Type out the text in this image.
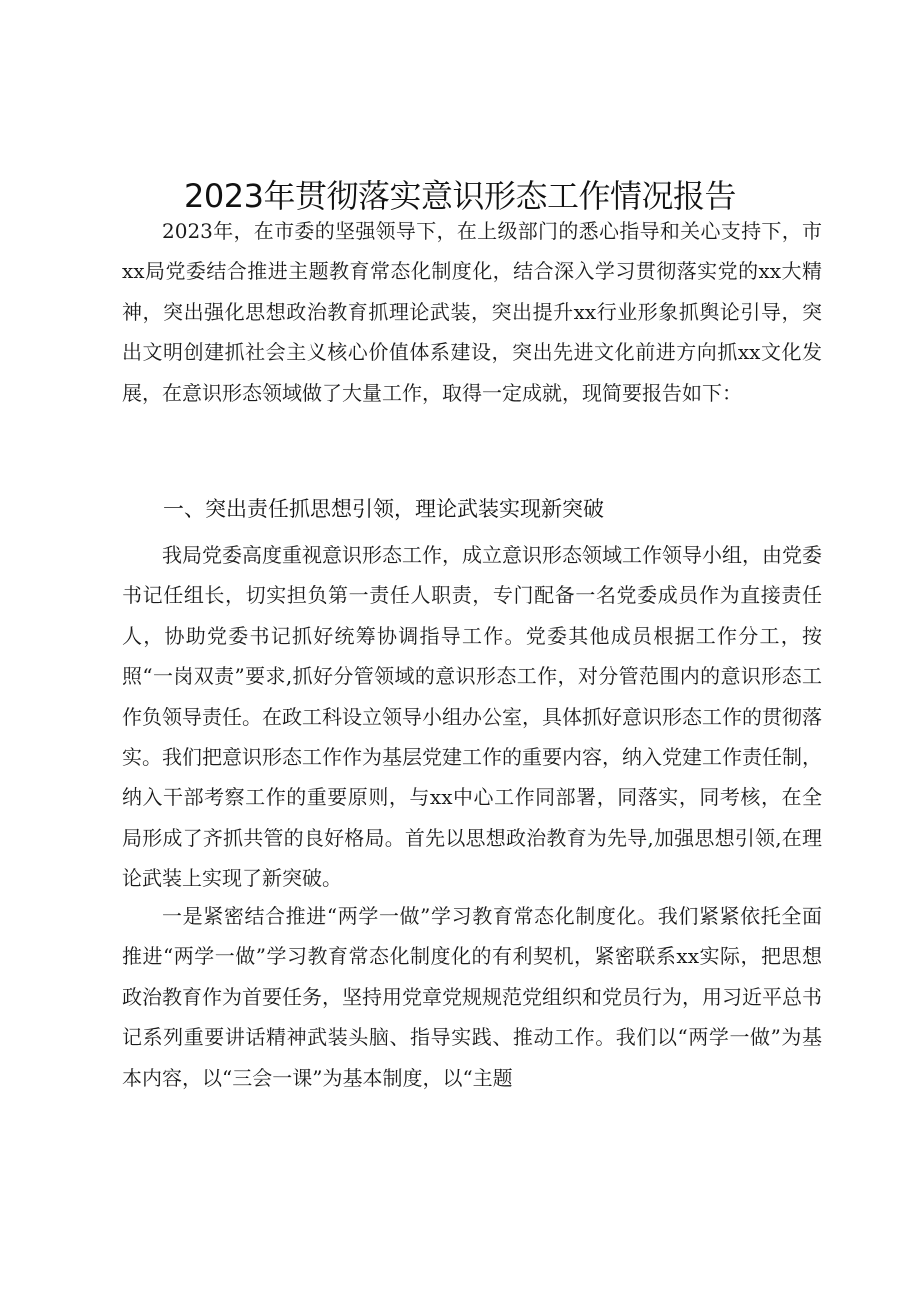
2023年贯彻落实意识形态工作情况报告

2023年，在市委的坚强领导下，在上级部门的悉心指导和关心支持下，市xx局党委结合推进主题教育常态化制度化，结合深入学习贯彻落实党的xx大精神，突出强化思想政治教育抓理论武装，突出提升xx行业形象抓舆论引导，突出文明创建抓社会主义核心价值体系建设，突出先进文化前进方向抓xx文化发展，在意识形态领域做了大量工作，取得一定成就，现简要报告如下：

一、突出责任抓思想引领，理论武装实现新突破

我局党委高度重视意识形态工作，成立意识形态领域工作领导小组，由党委书记任组长，切实担负第一责任人职责，专门配备一名党委成员作为直接责任人，协助党委书记抓好统筹协调指导工作。党委其他成员根据工作分工，按照“一岗双责”要求,抓好分管领域的意识形态工作，对分管范围内的意识形态工作负领导责任。在政工科设立领导小组办公室，具体抓好意识形态工作的贯彻落实。我们把意识形态工作作为基层党建工作的重要内容，纳入党建工作责任制，纳入干部考察工作的重要原则，与xx中心工作同部署，同落实，同考核，在全局形成了齐抓共管的良好格局。首先以思想政治教育为先导,加强思想引领,在理论武装上实现了新突破。

一是紧密结合推进“两学一做”学习教育常态化制度化。我们紧紧依托全面推进“两学一做”学习教育常态化制度化的有利契机，紧密联系xx实际，把思想政治教育作为首要任务，坚持用党章党规规范党组织和党员行为，用习近平总书记系列重要讲话精神武装头脑、指导实践、推动工作。我们以“两学一做”为基本内容，以“三会一课”为基本制度，以“主题
